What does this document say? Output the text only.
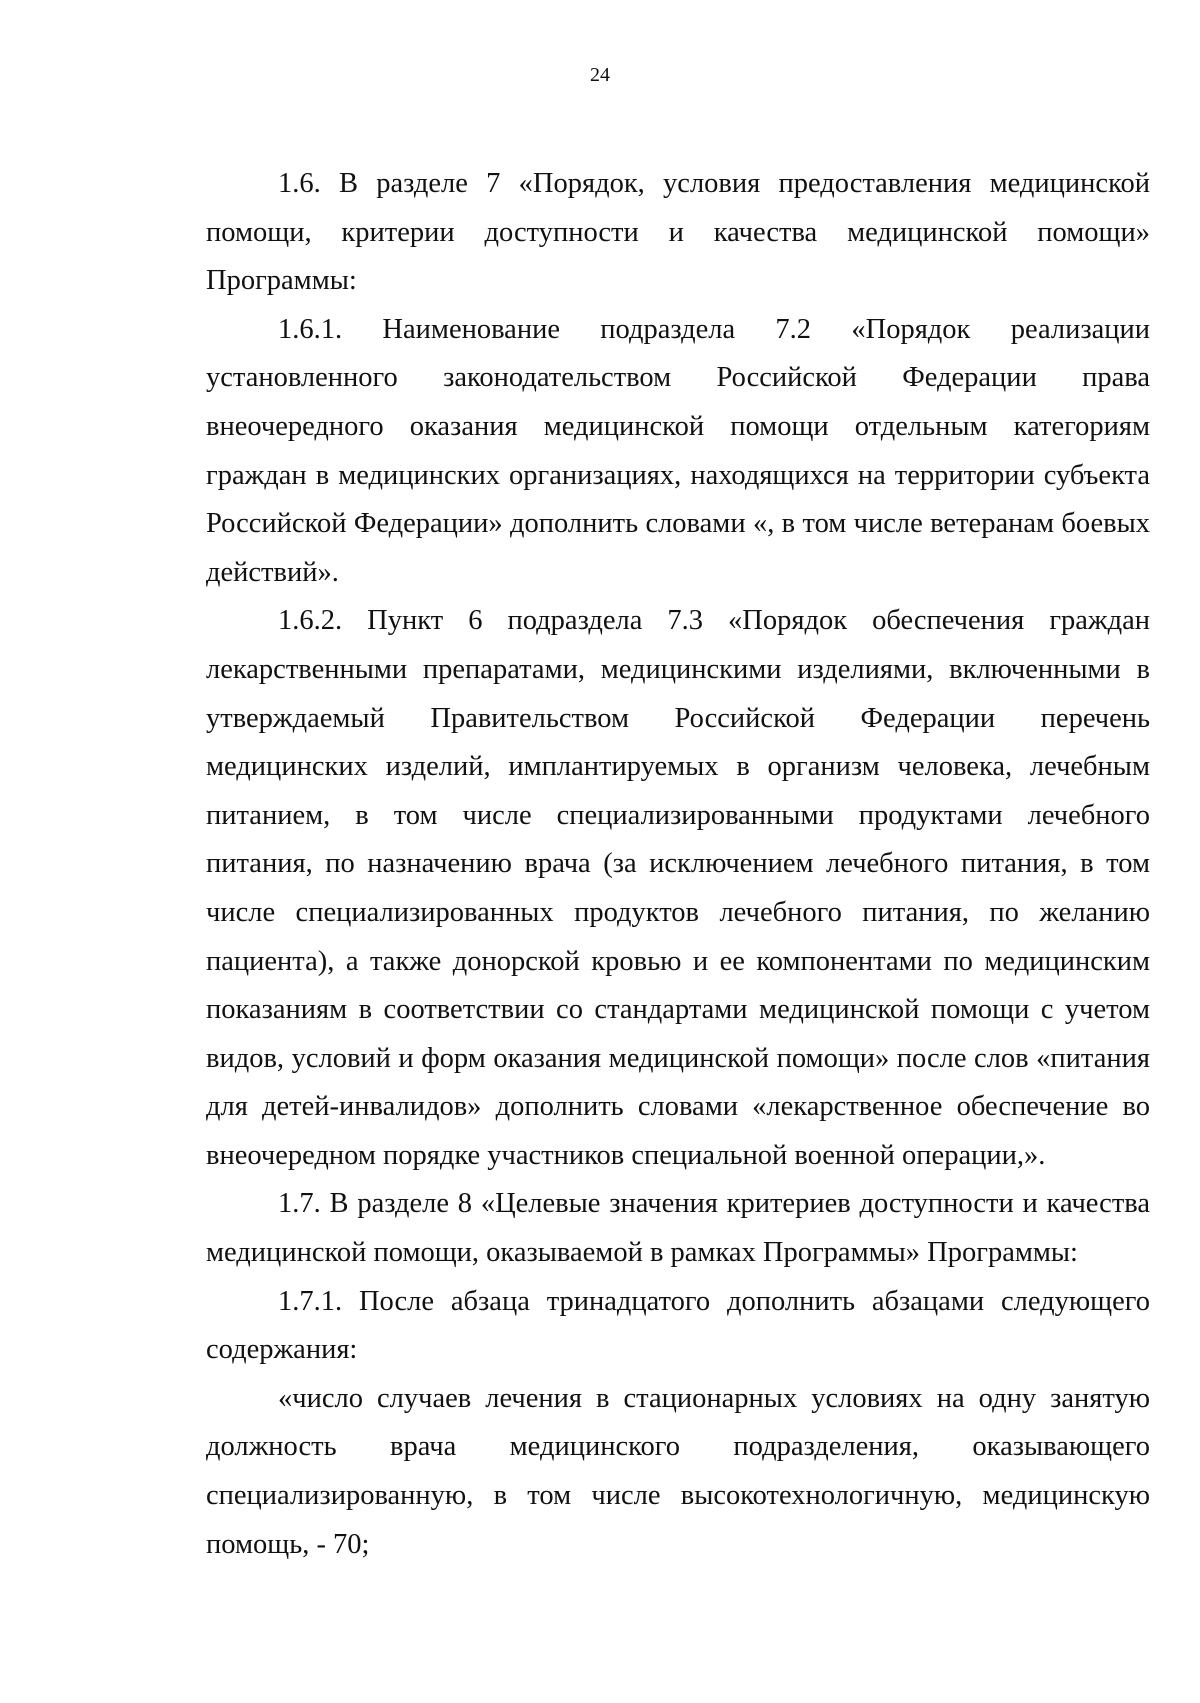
24

1.6. В разделе 7 «Порядок, условия предоставления медицинской помощи, критерии доступности и качества медицинской помощи» Программы:

1.6.1. Наименование подраздела 7.2 «Порядок реализации установленного законодательством Российской Федерации права внеочередного оказания медицинской помощи отдельным категориям граждан в медицинских организациях, находящихся на территории субъекта Российской Федерации» дополнить словами «, в том числе ветеранам боевых действий».

1.6.2. Пункт 6 подраздела 7.3 «Порядок обеспечения граждан лекарственными препаратами, медицинскими изделиями, включенными в утверждаемый Правительством Российской Федерации перечень медицинских изделий, имплантируемых в организм человека, лечебным питанием, в том числе специализированными продуктами лечебного питания, по назначению врача (за исключением лечебного питания, в том числе специализированных продуктов лечебного питания, по желанию пациента), а также донорской кровью и ее компонентами по медицинским показаниям в соответствии со стандартами медицинской помощи с учетом видов, условий и форм оказания медицинской помощи» после слов «питания для детей-инвалидов» дополнить словами «лекарственное обеспечение во внеочередном порядке участников специальной военной операции,».

1.7. В разделе 8 «Целевые значения критериев доступности и качества медицинской помощи, оказываемой в рамках Программы» Программы:

1.7.1. После абзаца тринадцатого дополнить абзацами следующего содержания:

«число случаев лечения в стационарных условиях на одну занятую должность врача медицинского подразделения, оказывающего специализированную, в том числе высокотехнологичную, медицинскую помощь, - 70;
